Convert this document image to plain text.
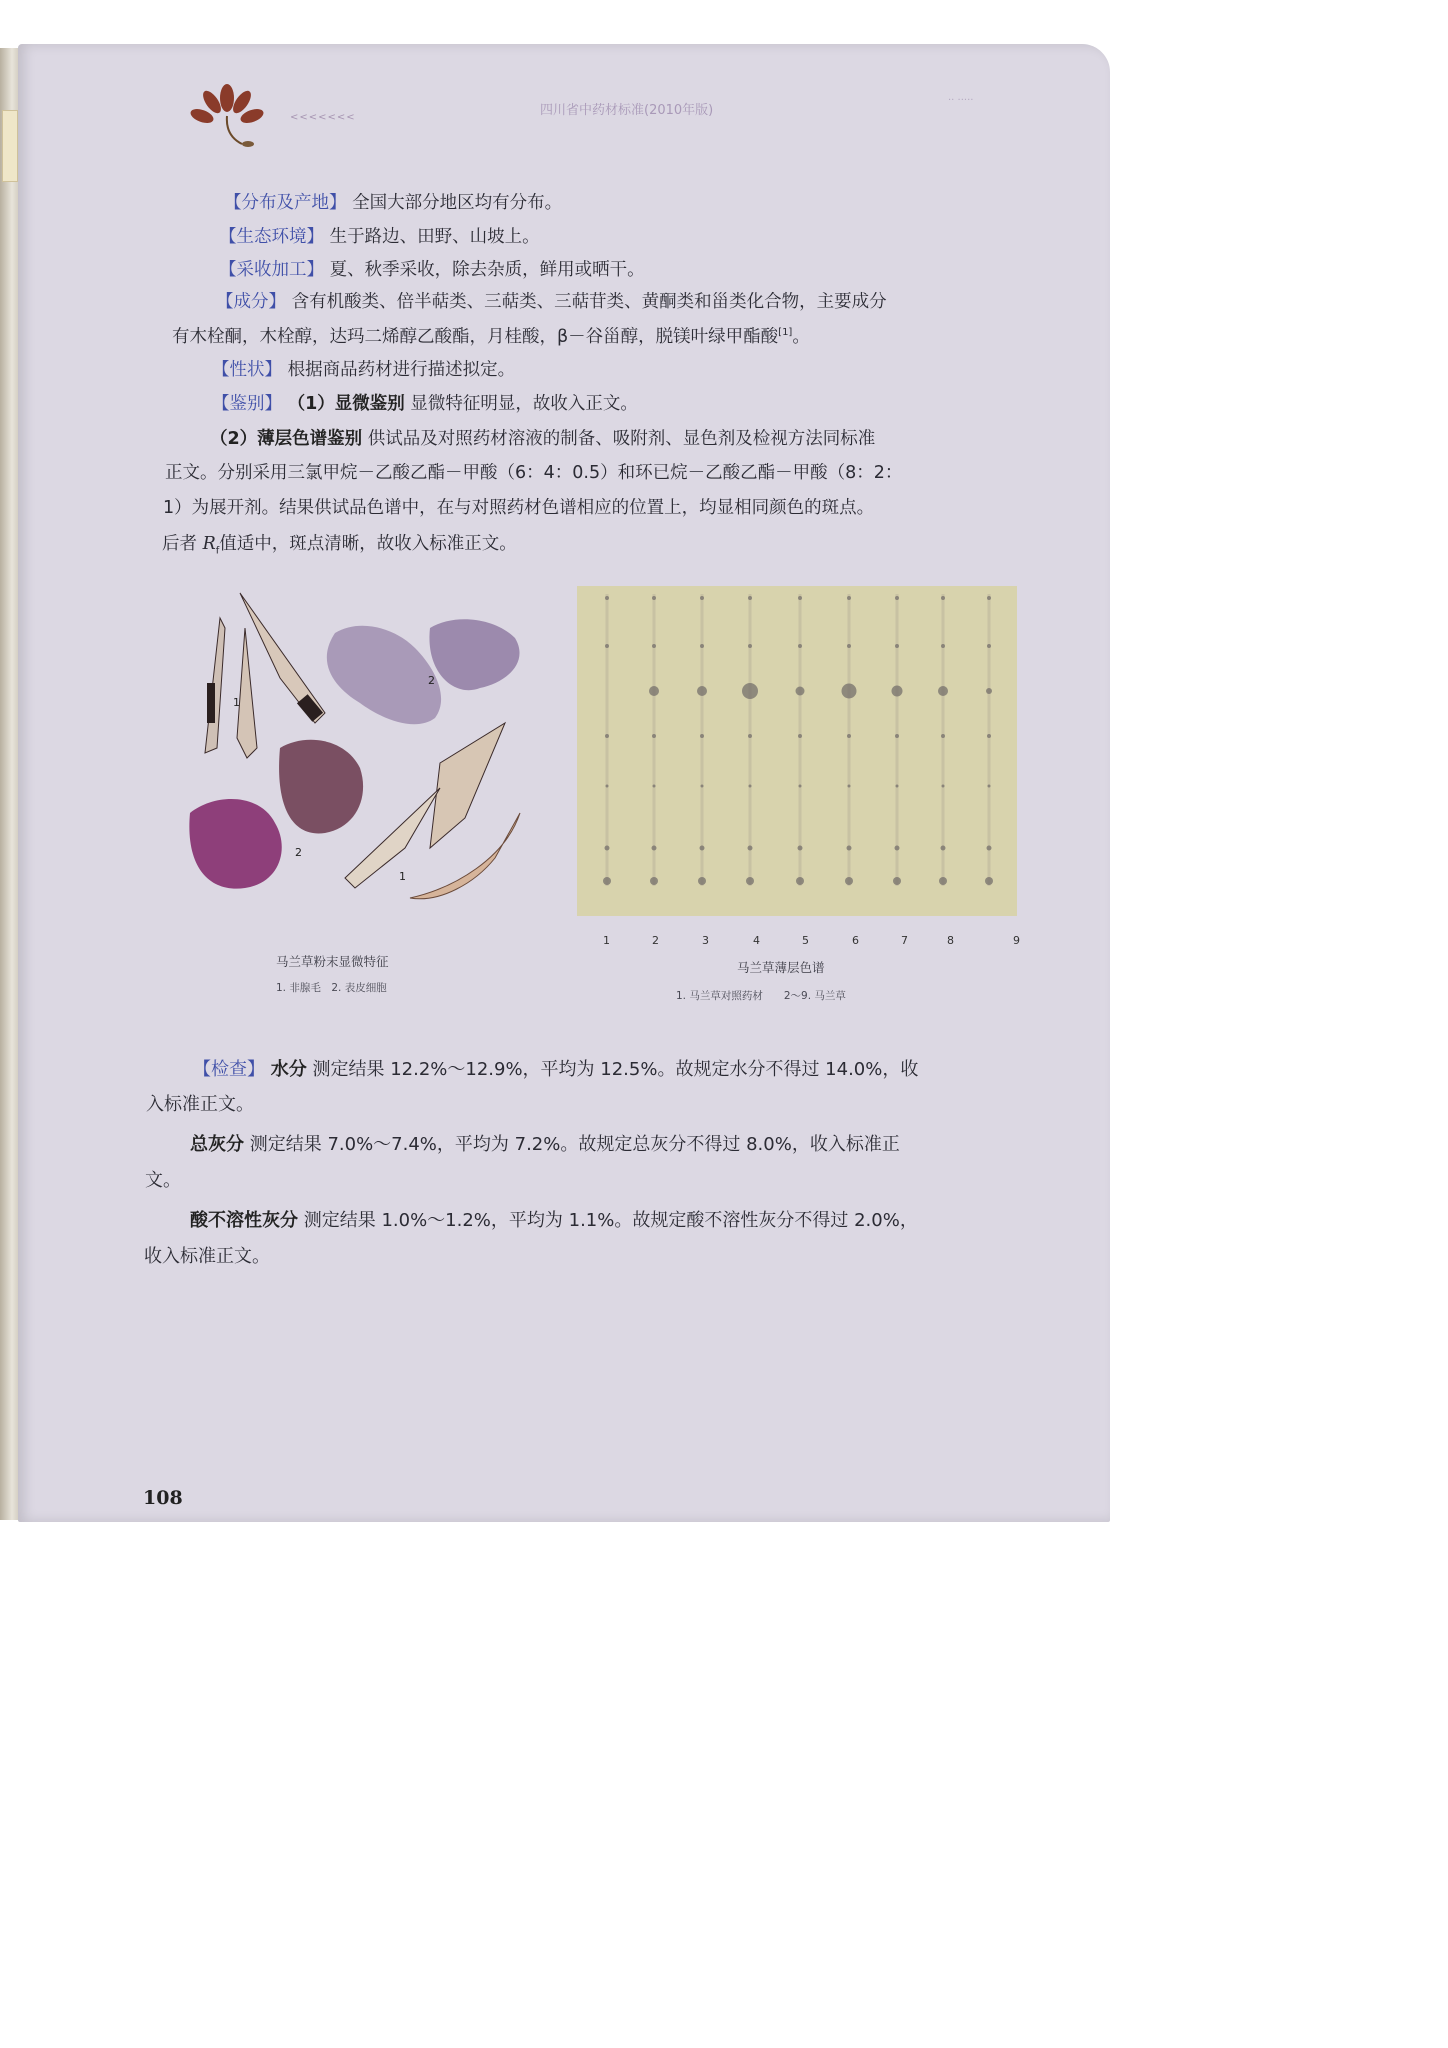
<<<<<<<	四川省中药材标准(2010年版)
·· ·····
【分布及产地】 全国大部分地区均有分布。
【生态环境】 生于路边、田野、山坡上。
【采收加工】 夏、秋季采收，除去杂质，鲜用或晒干。
【成分】 含有机酸类、倍半萜类、三萜类、三萜苷类、黄酮类和甾类化合物，主要成分
有木栓酮，木栓醇，达玛二烯醇乙酸酯，月桂酸，β－谷甾醇，脱镁叶绿甲酯酸[1]。
【性状】 根据商品药材进行描述拟定。
【鉴别】 （1）显微鉴别 显微特征明显，故收入正文。
（2）薄层色谱鉴别 供试品及对照药材溶液的制备、吸附剂、显色剂及检视方法同标准
正文。分别采用三氯甲烷－乙酸乙酯－甲酸（6：4：0.5）和环已烷－乙酸乙酯－甲酸（8：2：
1）为展开剂。结果供试品色谱中，在与对照药材色谱相应的位置上，均显相同颜色的斑点。
后者 $R_f$值适中，斑点清晰，故收入标准正文。
1
2
2
1
马兰草粉末显微特征
1. 非腺毛　2. 表皮细胞
1	2	3	4	5	6	7	8	9
马兰草薄层色谱
1. 马兰草对照药材　　2～9. 马兰草
【检查】 水分 测定结果 12.2%～12.9%，平均为 12.5%。故规定水分不得过 14.0%，收
入标准正文。
总灰分 测定结果 7.0%～7.4%，平均为 7.2%。故规定总灰分不得过 8.0%，收入标准正
文。
酸不溶性灰分 测定结果 1.0%～1.2%，平均为 1.1%。故规定酸不溶性灰分不得过 2.0%，
收入标准正文。
108
